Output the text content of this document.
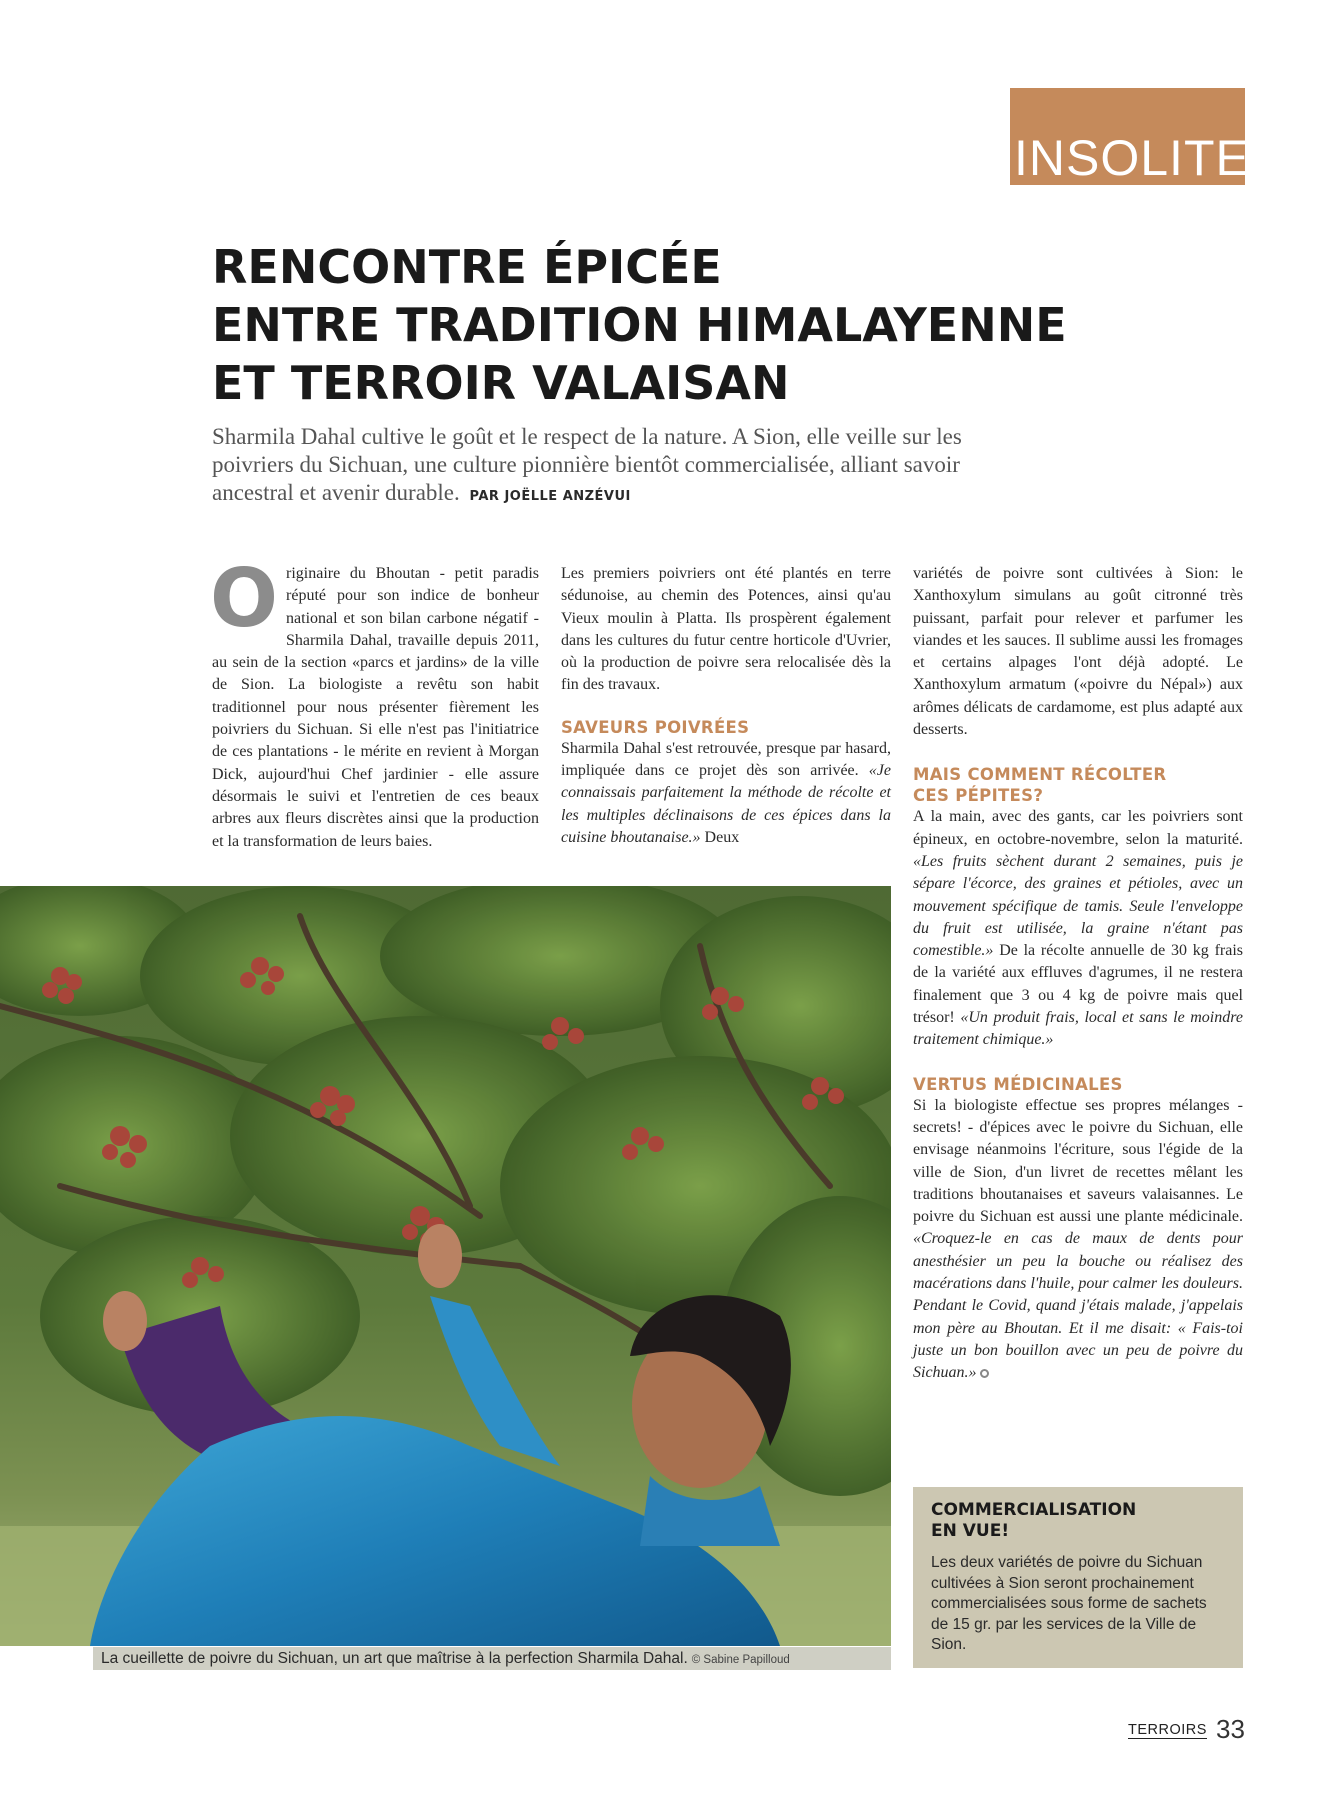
INSOLITE
RENCONTRE ÉPICÉE
ENTRE TRADITION HIMALAYENNE
ET TERROIR VALAISAN

Sharmila Dahal cultive le goût et le respect de la nature. A Sion, elle veille sur les poivriers du Sichuan, une culture pionnière bientôt commercialisée, alliant savoir ancestral et avenir durable. PAR JOËLLE ANZÉVUI

Originaire du Bhoutan - petit paradis réputé pour son indice de bonheur national et son bilan carbone négatif - Sharmila Dahal, travaille depuis 2011, au sein de la section «parcs et jardins» de la ville de Sion. La biologiste a revêtu son habit traditionnel pour nous présenter fièrement les poivriers du Sichuan. Si elle n'est pas l'initiatrice de ces plantations - le mérite en revient à Morgan Dick, aujourd'hui Chef jardinier - elle assure désormais le suivi et l'entretien de ces beaux arbres aux fleurs discrètes ainsi que la production et la transformation de leurs baies.

Les premiers poivriers ont été plantés en terre sédunoise, au chemin des Potences, ainsi qu'au Vieux moulin à Platta. Ils prospèrent également dans les cultures du futur centre horticole d'Uvrier, où la production de poivre sera relocalisée dès la fin des travaux.

SAVEURS POIVRÉES

Sharmila Dahal s'est retrouvée, presque par hasard, impliquée dans ce projet dès son arrivée. «Je connaissais parfaitement la méthode de récolte et les multiples déclinaisons de ces épices dans la cuisine bhoutanaise.» Deux

variétés de poivre sont cultivées à Sion: le Xanthoxylum simulans au goût citronné très puissant, parfait pour relever et parfumer les viandes et les sauces. Il sublime aussi les fromages et certains alpages l'ont déjà adopté. Le Xanthoxylum armatum («poivre du Népal») aux arômes délicats de cardamome, est plus adapté aux desserts.

MAIS COMMENT RÉCOLTER
CES PÉPITES?

A la main, avec des gants, car les poivriers sont épineux, en octobre-novembre, selon la maturité. «Les fruits sèchent durant 2 semaines, puis je sépare l'écorce, des graines et pétioles, avec un mouvement spécifique de tamis. Seule l'enveloppe du fruit est utilisée, la graine n'étant pas comestible.» De la récolte annuelle de 30 kg frais de la variété aux effluves d'agrumes, il ne restera finalement que 3 ou 4 kg de poivre mais quel trésor! «Un produit frais, local et sans le moindre traitement chimique.»

VERTUS MÉDICINALES

Si la biologiste effectue ses propres mélanges - secrets! - d'épices avec le poivre du Sichuan, elle envisage néanmoins l'écriture, sous l'égide de la ville de Sion, d'un livret de recettes mêlant les traditions bhoutanaises et saveurs valaisannes. Le poivre du Sichuan est aussi une plante médicinale. «Croquez-le en cas de maux de dents pour anesthésier un peu la bouche ou réalisez des macérations dans l'huile, pour calmer les douleurs. Pendant le Covid, quand j'étais malade, j'appelais mon père au Bhoutan. Et il me disait: « Fais-toi juste un bon bouillon avec un peu de poivre du Sichuan.»

La cueillette de poivre du Sichuan, un art que maîtrise à la perfection Sharmila Dahal. © Sabine Papilloud
COMMERCIALISATION
EN VUE!

Les deux variétés de poivre du Sichuan cultivées à Sion seront prochainement commercialisées sous forme de sachets de 15 gr. par les services de la Ville de Sion.

TERROIRS 33
